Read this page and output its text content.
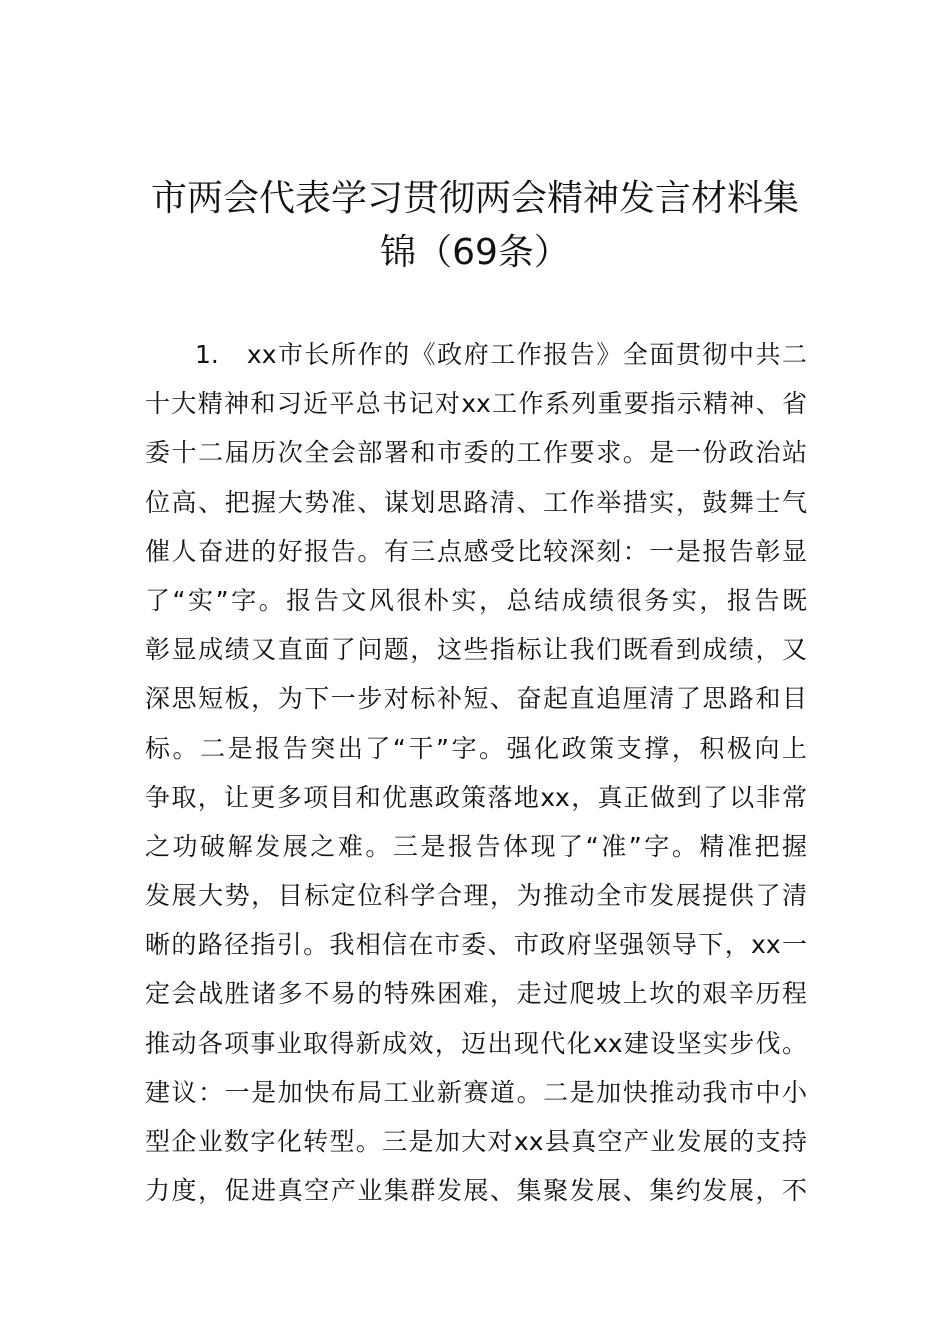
市两会代表学习贯彻两会精神发言材料集
锦（69条）
1.　xx市长所作的《政府工作报告》全面贯彻中共二
十大精神和习近平总书记对xx工作系列重要指示精神、省
委十二届历次全会部署和市委的工作要求。是一份政治站
位高、把握大势准、谋划思路清、工作举措实，鼓舞士气
催人奋进的好报告。有三点感受比较深刻：一是报告彰显
了“实”字。报告文风很朴实，总结成绩很务实，报告既
彰显成绩又直面了问题，这些指标让我们既看到成绩，又
深思短板，为下一步对标补短、奋起直追厘清了思路和目
标。二是报告突出了“干”字。强化政策支撑，积极向上
争取，让更多项目和优惠政策落地xx，真正做到了以非常
之功破解发展之难。三是报告体现了“准”字。精准把握
发展大势，目标定位科学合理，为推动全市发展提供了清
晰的路径指引。我相信在市委、市政府坚强领导下，xx一
定会战胜诸多不易的特殊困难，走过爬坡上坎的艰辛历程
推动各项事业取得新成效，迈出现代化xx建设坚实步伐。
建议：一是加快布局工业新赛道。二是加快推动我市中小
型企业数字化转型。三是加大对xx县真空产业发展的支持
力度，促进真空产业集群发展、集聚发展、集约发展，不
